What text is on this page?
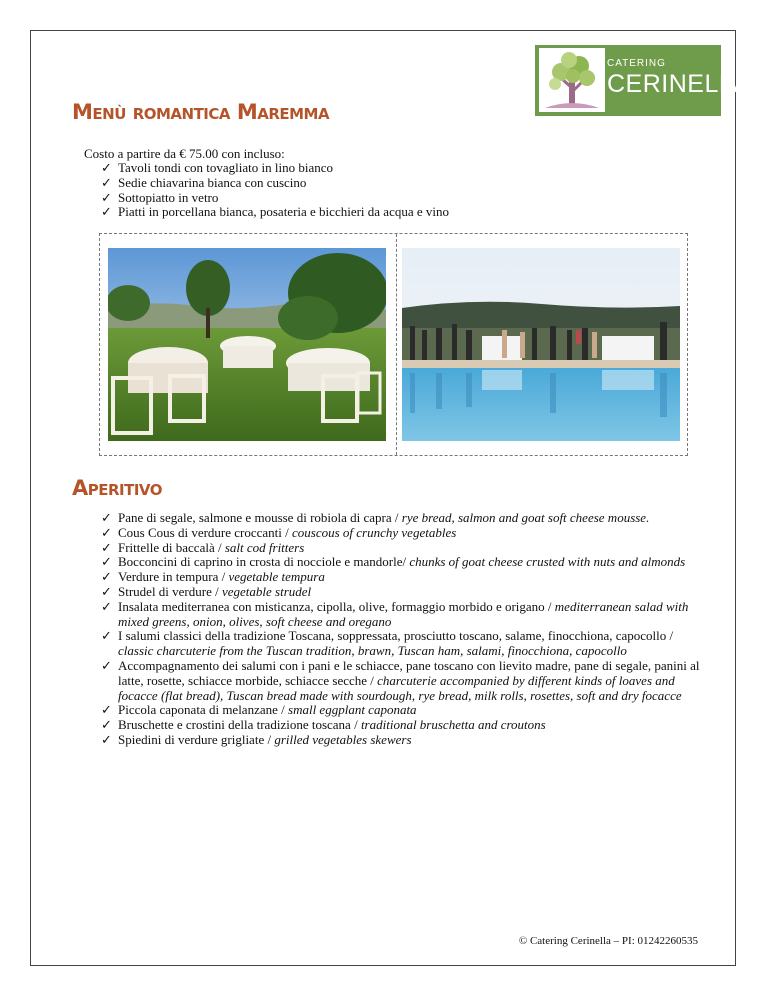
CATERING
CERINELLA
Menù romantica Maremma

Costo a partire da € 75.00 con incluso:

✓ Tavoli tondi con tovagliato in lino bianco
✓ Sedie chiavarina bianca con cuscino
✓ Sottopiatto in vetro
✓ Piatti in porcellana bianca, posateria e bicchieri da acqua e vino
Aperitivo
✓ Pane di segale, salmone e mousse di robiola di capra / rye bread, salmon and goat soft cheese mousse.
✓ Cous Cous di verdure croccanti / couscous of crunchy vegetables
✓ Frittelle di baccalà / salt cod fritters
✓ Bocconcini di caprino in crosta di nocciole e mandorle/ chunks of goat cheese crusted with nuts and almonds
✓ Verdure in tempura / vegetable tempura
✓ Strudel di verdure / vegetable strudel
✓ Insalata mediterranea con misticanza, cipolla, olive, formaggio morbido e origano / mediterranean salad with mixed greens, onion, olives, soft cheese and oregano
✓ I salumi classici della tradizione Toscana, soppressata, prosciutto toscano, salame, finocchiona, capocollo / classic charcuterie from the Tuscan tradition, brawn, Tuscan ham, salami, finocchiona, capocollo
✓ Accompagnamento dei salumi con i pani e le schiacce, pane toscano con lievito madre, pane di segale, panini al latte, rosette, schiacce morbide, schiacce secche / charcuterie accompanied by different kinds of loaves and focacce (flat bread), Tuscan bread made with sourdough, rye bread, milk rolls, rosettes, soft and dry focacce
✓ Piccola caponata di melanzane / small eggplant caponata
✓ Bruschette e crostini della tradizione toscana / traditional bruschetta and croutons
✓ Spiedini di verdure grigliate / grilled vegetables skewers

© Catering Cerinella – PI: 01242260535
